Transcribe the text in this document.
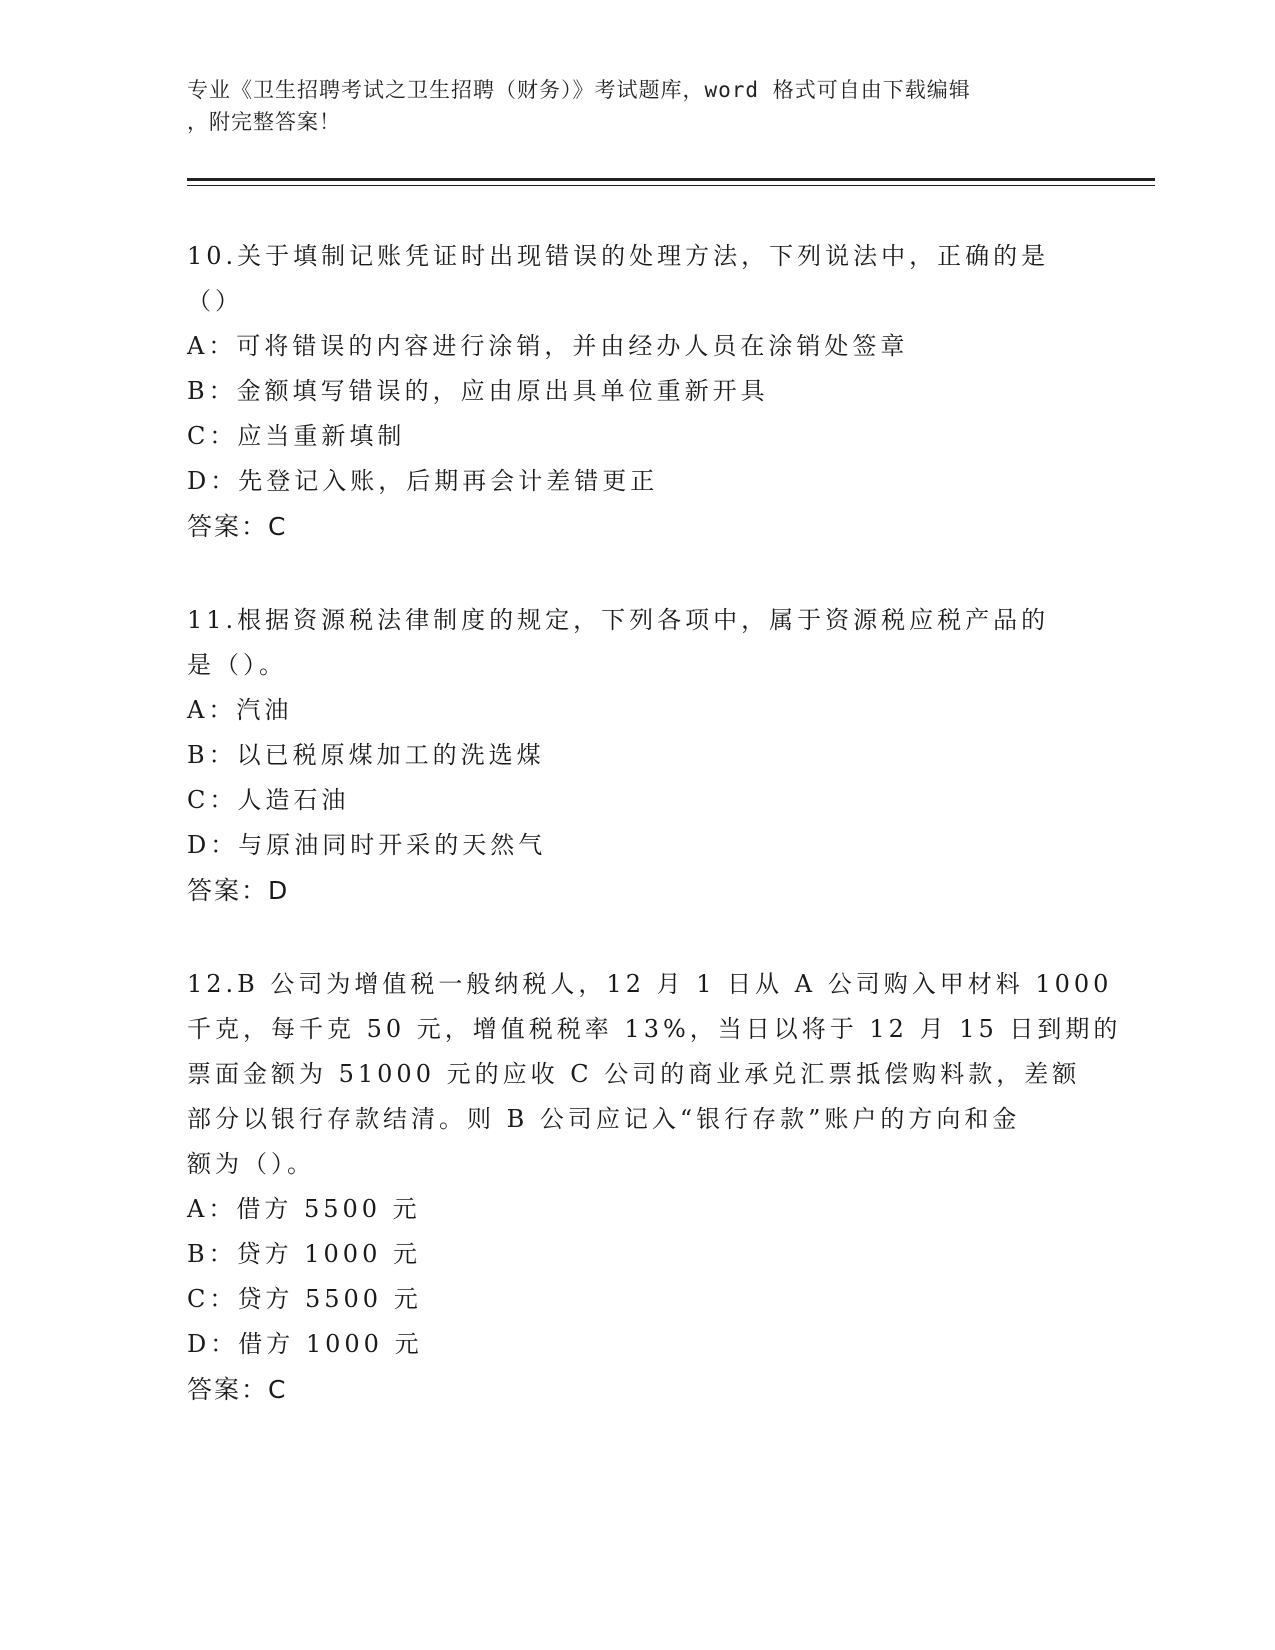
专业《卫生招聘考试之卫生招聘（财务）》考试题库，word 格式可自由下载编辑
，附完整答案！
10.关于填制记账凭证时出现错误的处理方法，下列说法中，正确的是
（）
A：可将错误的内容进行涂销，并由经办人员在涂销处签章
B：金额填写错误的，应由原出具单位重新开具
C：应当重新填制
D：先登记入账，后期再会计差错更正
答案：C
11.根据资源税法律制度的规定，下列各项中，属于资源税应税产品的
是（）。
A：汽油
B：以已税原煤加工的洗选煤
C：人造石油
D：与原油同时开采的天然气
答案：D
12.B 公司为增值税一般纳税人，12 月 1 日从 A 公司购入甲材料 1000
千克，每千克 50 元，增值税税率 13%，当日以将于 12 月 15 日到期的
票面金额为 51000 元的应收 C 公司的商业承兑汇票抵偿购料款，差额
部分以银行存款结清。则 B 公司应记入“银行存款”账户的方向和金
额为（）。
A：借方 5500 元
B：贷方 1000 元
C：贷方 5500 元
D：借方 1000 元
答案：C
